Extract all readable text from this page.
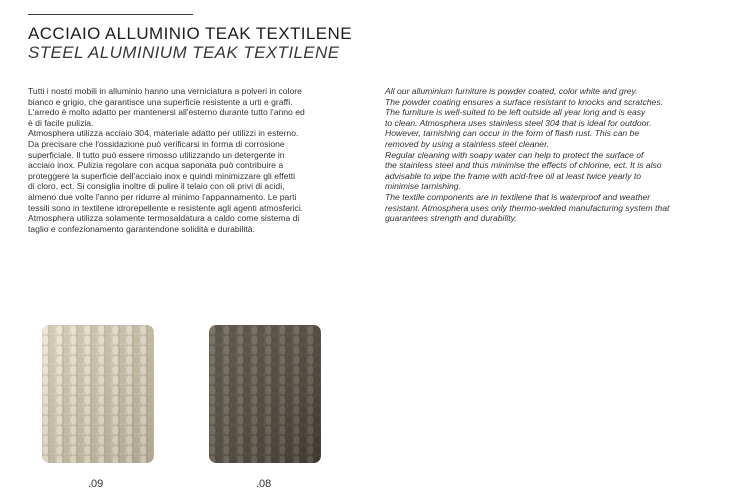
ACCIAIO ALLUMINIO TEAK TEXTILENE
STEEL ALUMINIUM TEAK TEXTILENE

Tutti i nostri mobili in alluminio hanno una verniciatura a polveri in colore

bianco e grigio, che garantisce una superficie resistente a urti e graffi.

L'arredo è molto adatto per mantenersi all'esterno durante tutto l'anno ed

è di facile pulizia.

Atmosphera utilizza acciaio 304, materiale adatto per utilizzi in esterno.

Da precisare che l'ossidazione può verificarsi in forma di corrosione

superficiale. Il tutto può essere rimosso utilizzando un detergente in

acciaio inox. Pulizia regolare con acqua saponata può contribuire a

proteggere la superficie dell'acciaio inox e quindi minimizzare gli effetti

di cloro, ect. Si consiglia inoltre di pulire il telaio con oli privi di acidi,

almeno due volte l'anno per ridurre al minimo l'appannamento. Le parti

tessili sono in textilene idrorepellente e resistente agli agenti atmosferici.

Atmosphera utilizza solamente termosaldatura a caldo come sistema di

taglio e confezionamento garantendone solidità e durabilità.

All our alluminium furniture is powder coated, color white and grey.

The powder coating ensures a surface resistant to knocks and scratches.

The furniture is well-suited to be left outside all year long and is easy

to clean. Atmosphera uses stainless steel 304 that is ideal for outdoor.

However, tarnishing can occur in the form of flash rust. This can be

removed by using a stainless steel cleaner.

Regular cleaning with soapy water can help to protect the surface of

the stainless steel and thus minimise the effects of chlorine, ect. It is also

advisable to wipe the frame with acid-free oil at least twice yearly to

minimise tarnishing.

The textile components are in textilene that is waterproof and weather

resistant. Atmosphera uses only thermo-welded manufacturing system that

guarantees strength and durability.

.09	.08
